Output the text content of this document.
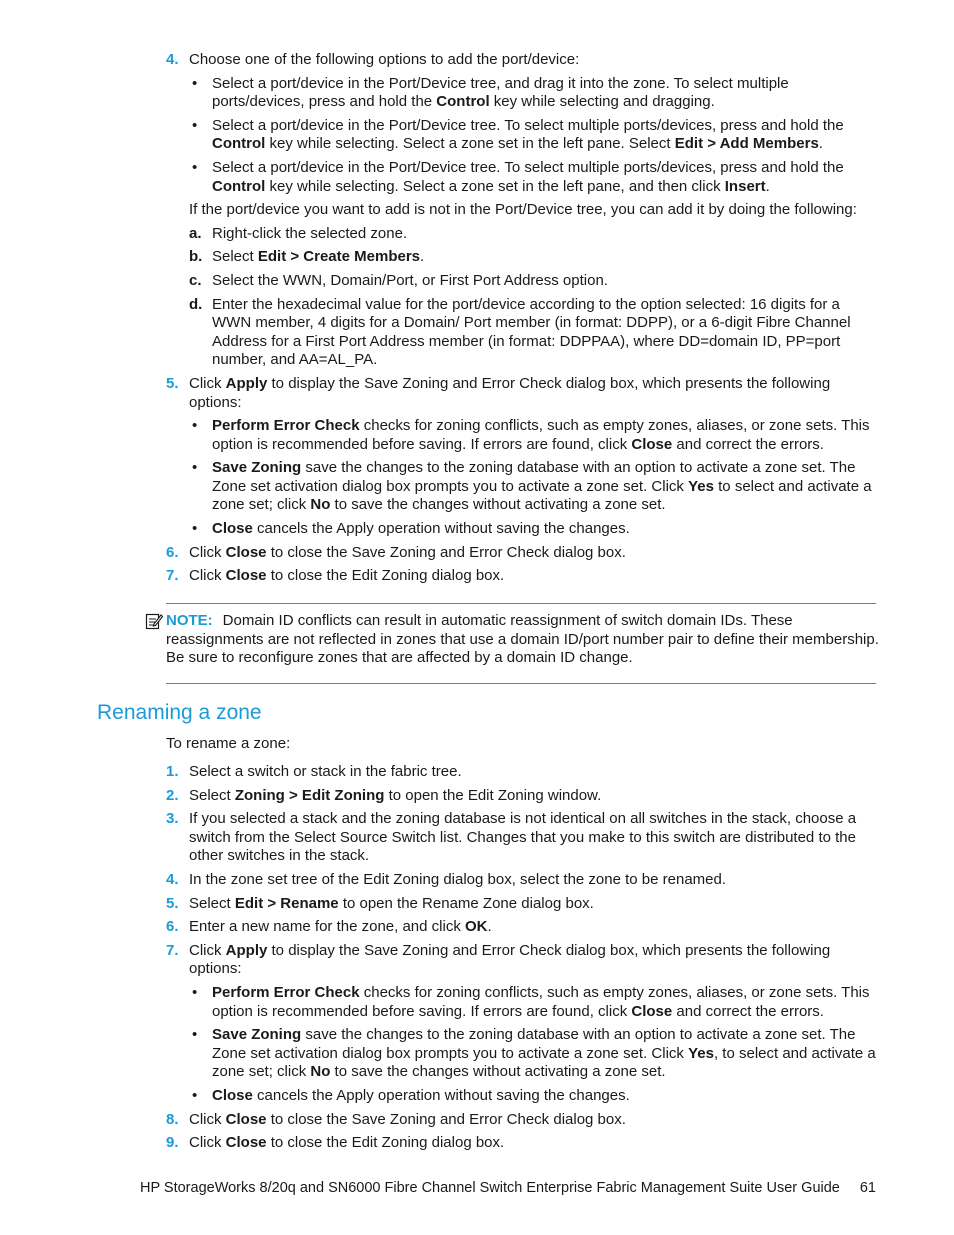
4. Choose one of the following options to add the port/device:
• Select a port/device in the Port/Device tree, and drag it into the zone. To select multiple ports/devices, press and hold the Control key while selecting and dragging.
• Select a port/device in the Port/Device tree. To select multiple ports/devices, press and hold the Control key while selecting. Select a zone set in the left pane. Select Edit > Add Members.
• Select a port/device in the Port/Device tree. To select multiple ports/devices, press and hold the Control key while selecting. Select a zone set in the left pane, and then click Insert.
If the port/device you want to add is not in the Port/Device tree, you can add it by doing the following:
a. Right-click the selected zone.
b. Select Edit > Create Members.
c. Select the WWN, Domain/Port, or First Port Address option.
d. Enter the hexadecimal value for the port/device according to the option selected: 16 digits for a WWN member, 4 digits for a Domain/ Port member (in format: DDPP), or a 6-digit Fibre Channel Address for a First Port Address member (in format: DDPPAA), where DD=domain ID, PP=port number, and AA=AL_PA.
5. Click Apply to display the Save Zoning and Error Check dialog box, which presents the following options:
• Perform Error Check checks for zoning conflicts, such as empty zones, aliases, or zone sets. This option is recommended before saving. If errors are found, click Close and correct the errors.
• Save Zoning save the changes to the zoning database with an option to activate a zone set. The Zone set activation dialog box prompts you to activate a zone set. Click Yes to select and activate a zone set; click No to save the changes without activating a zone set.
• Close cancels the Apply operation without saving the changes.
6. Click Close to close the Save Zoning and Error Check dialog box.
7. Click Close to close the Edit Zoning dialog box.

NOTE: Domain ID conflicts can result in automatic reassignment of switch domain IDs. These reassignments are not reflected in zones that use a domain ID/port number pair to define their membership. Be sure to reconfigure zones that are affected by a domain ID change.

Renaming a zone

To rename a zone:

1. Select a switch or stack in the fabric tree.
2. Select Zoning > Edit Zoning to open the Edit Zoning window.
3. If you selected a stack and the zoning database is not identical on all switches in the stack, choose a switch from the Select Source Switch list. Changes that you make to this switch are distributed to the other switches in the stack.
4. In the zone set tree of the Edit Zoning dialog box, select the zone to be renamed.
5. Select Edit > Rename to open the Rename Zone dialog box.
6. Enter a new name for the zone, and click OK.
7. Click Apply to display the Save Zoning and Error Check dialog box, which presents the following options:
• Perform Error Check checks for zoning conflicts, such as empty zones, aliases, or zone sets. This option is recommended before saving. If errors are found, click Close and correct the errors.
• Save Zoning save the changes to the zoning database with an option to activate a zone set. The Zone set activation dialog box prompts you to activate a zone set. Click Yes, to select and activate a zone set; click No to save the changes without activating a zone set.
• Close cancels the Apply operation without saving the changes.
8. Click Close to close the Save Zoning and Error Check dialog box.
9. Click Close to close the Edit Zoning dialog box.
HP StorageWorks 8/20q and SN6000 Fibre Channel Switch Enterprise Fabric Management Suite User Guide 61
